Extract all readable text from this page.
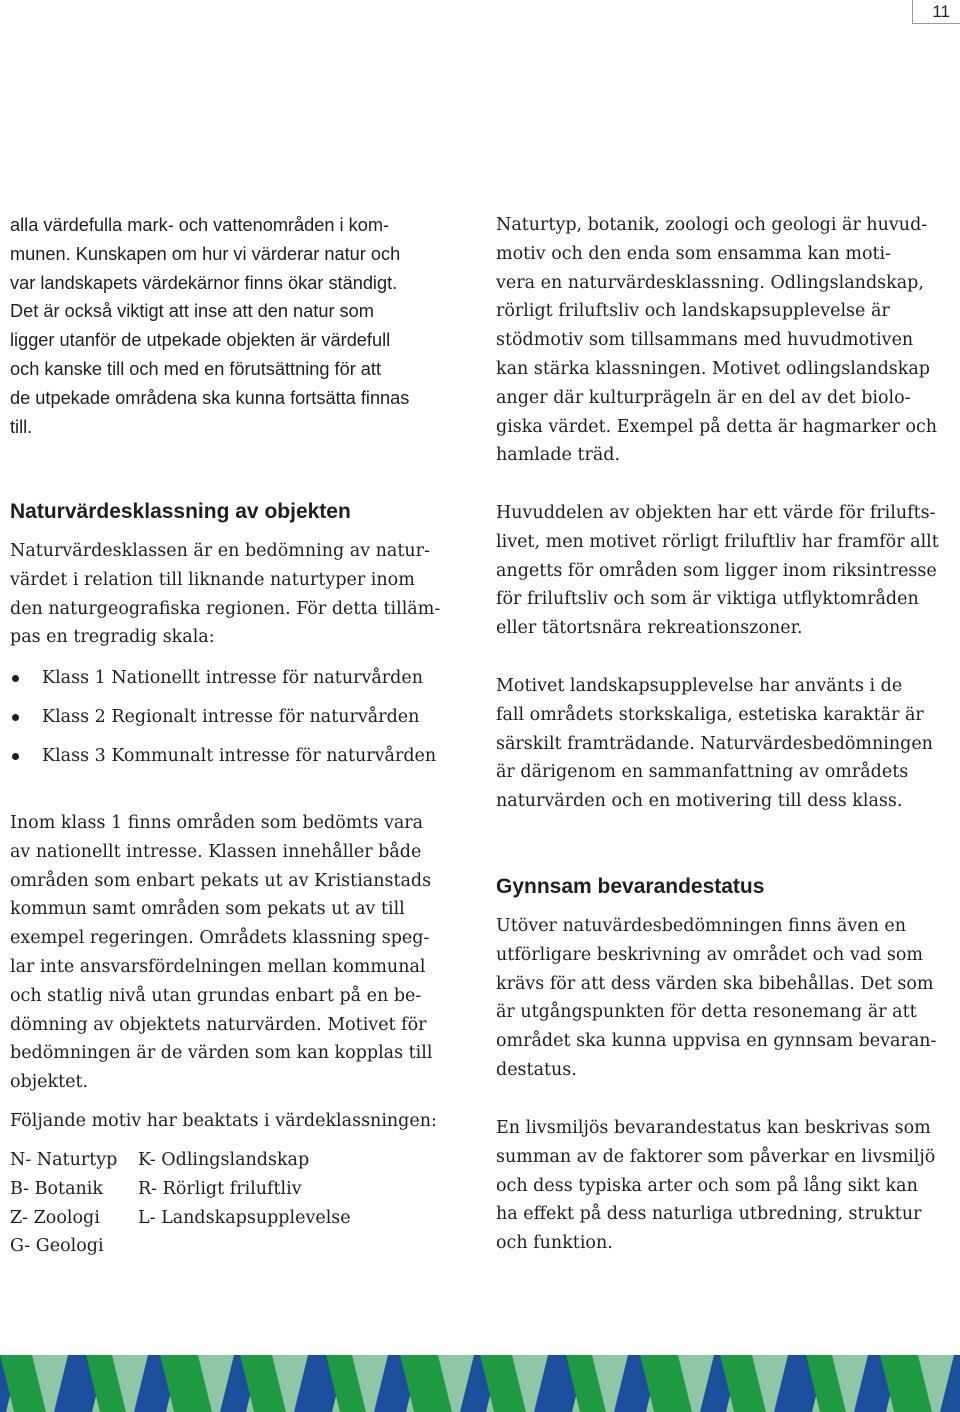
11

alla värdefulla mark- och vattenområden i kom-
munen. Kunskapen om hur vi värderar natur och
var landskapets värdekärnor finns ökar ständigt.
Det är också viktigt att inse att den natur som
ligger utanför de utpekade objekten är värdefull
och kanske till och med en förutsättning för att
de utpekade områdena ska kunna fortsätta finnas
till.

Naturvärdesklassning av objekten

Naturvärdesklassen är en bedömning av natur-
värdet i relation till liknande naturtyper inom
den naturgeografiska regionen. För detta tilläm-
pas en tregradig skala:

Klass 1 Nationellt intresse för naturvården
Klass 2 Regionalt intresse för naturvården
Klass 3 Kommunalt intresse för naturvården

Inom klass 1 finns områden som bedömts vara
av nationellt intresse. Klassen innehåller både
områden som enbart pekats ut av Kristianstads
kommun samt områden som pekats ut av till
exempel regeringen. Områdets klassning speg-
lar inte ansvarsfördelningen mellan kommunal
och statlig nivå utan grundas enbart på en be-
dömning av objektets naturvärden. Motivet för
bedömningen är de värden som kan kopplas till
objektet.

Följande motiv har beaktats i värdeklassningen:

N- Naturtyp	K- Odlingslandskap
B- Botanik	R- Rörligt friluftliv
Z- Zoologi	L- Landskapsupplevelse
G- Geologi	

Naturtyp, botanik, zoologi och geologi är huvud-
motiv och den enda som ensamma kan moti-
vera en naturvärdesklassning. Odlingslandskap,
rörligt friluftsliv och landskapsupplevelse är
stödmotiv som tillsammans med huvudmotiven
kan stärka klassningen. Motivet odlingslandskap
anger där kulturprägeln är en del av det biolo-
giska värdet. Exempel på detta är hagmarker och
hamlade träd.

Huvuddelen av objekten har ett värde för frilufts-
livet, men motivet rörligt friluftliv har framför allt
angetts för områden som ligger inom riksintresse
för friluftsliv och som är viktiga utflyktområden
eller tätortsnära rekreationszoner.

Motivet landskapsupplevelse har använts i de
fall områdets storkskaliga, estetiska karaktär är
särskilt framträdande. Naturvärdesbedömningen
är därigenom en sammanfattning av områdets
naturvärden och en motivering till dess klass.

Gynnsam bevarandestatus

Utöver natuvärdesbedömningen finns även en
utförligare beskrivning av området och vad som
krävs för att dess värden ska bibehållas. Det som
är utgångspunkten för detta resonemang är att
området ska kunna uppvisa en gynnsam bevaran-
destatus.

En livsmiljös bevarandestatus kan beskrivas som
summan av de faktorer som påverkar en livsmiljö
och dess typiska arter och som på lång sikt kan
ha effekt på dess naturliga utbredning, struktur
och funktion.
